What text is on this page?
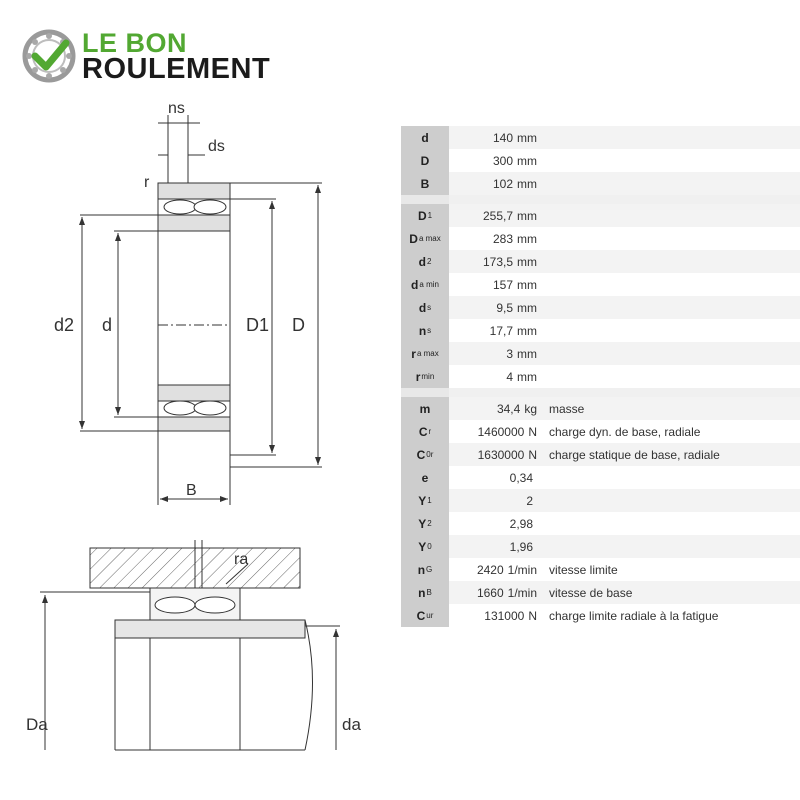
LE BON
ROULEMENT
ns
ds
r
d2 d	D1 D
B
ra
Da	da
d	140 mm
D	300 mm
B	102 mm
D 1	255,7 mm
D a max	283 mm
d 2	173,5 mm
d a min	157 mm
d s	9,5 mm
n s	17,7 mm
r a max	3 mm
r min	4 mm
m	34,4 kg	masse
C r	1460000 N	charge dyn. de base, radiale
C 0r	1630000 N	charge statique de base, radiale
e	0,34
Y 1	2
Y 2	2,98
Y 0	1,96
n G	2420 1/min	vitesse limite
n B	1660 1/min	vitesse de base
C ur	131000 N	charge limite radiale à la fatigue
